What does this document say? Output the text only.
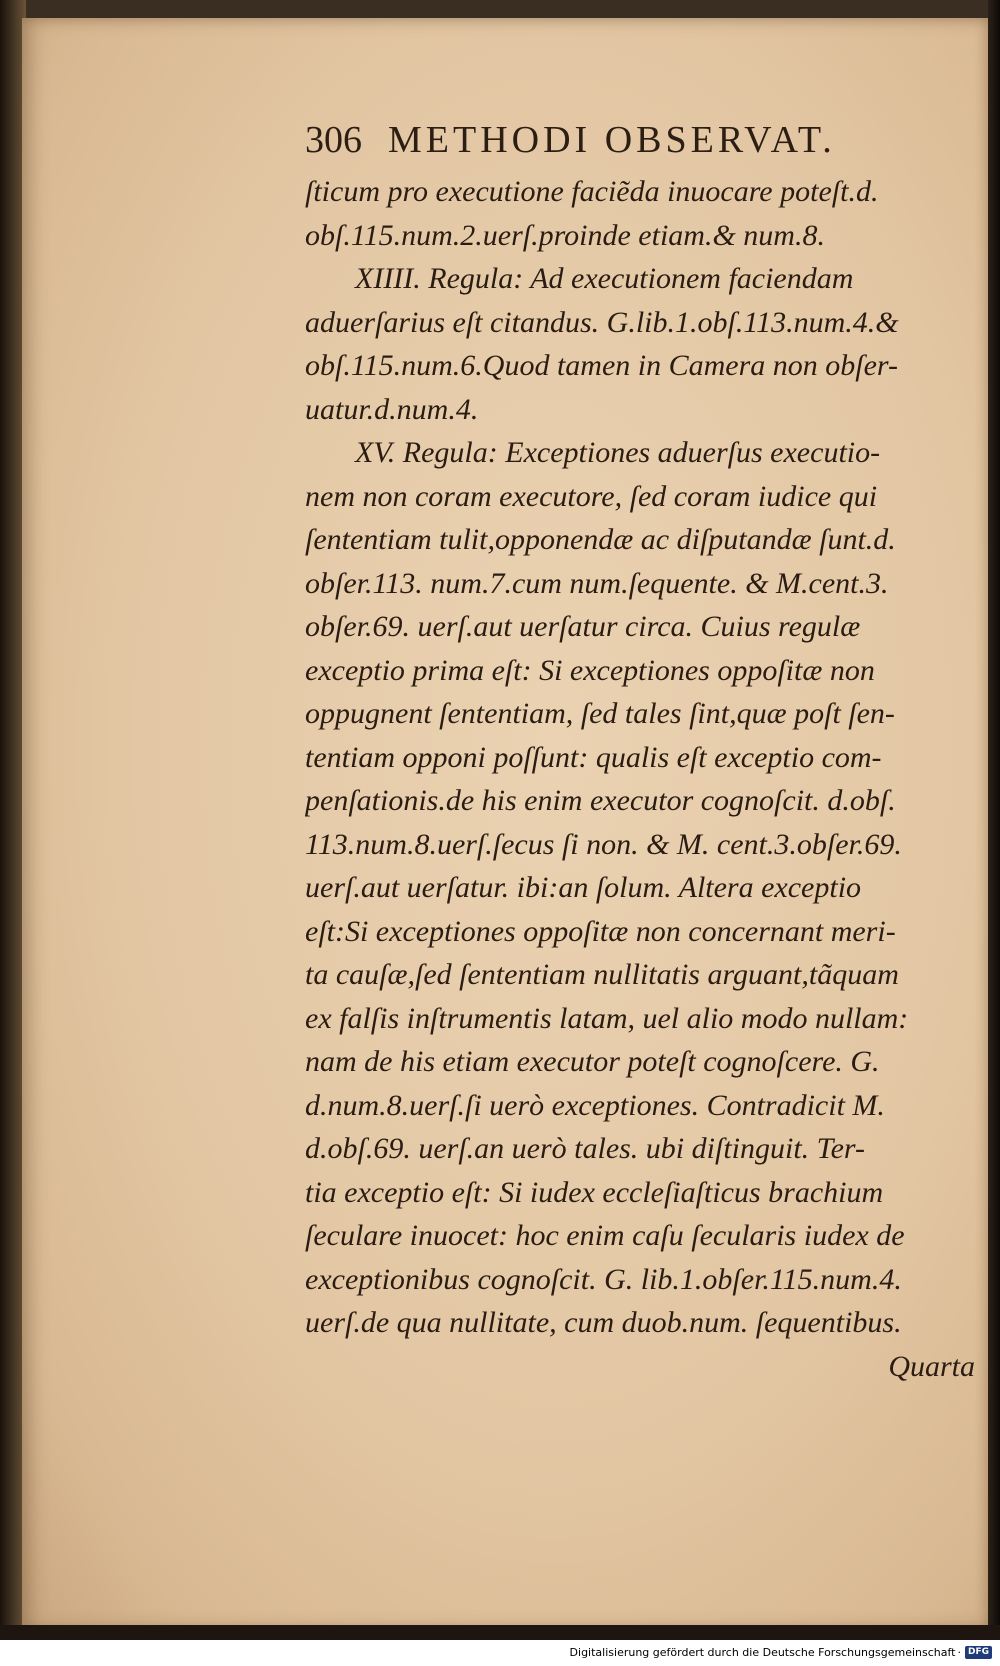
306 METHODI OBSERVAT.
ſticum pro executione faciẽda inuocare poteſt.d.
obſ.115.num.2.uerſ.proinde etiam.& num.8.
XIIII. Regula: Ad executionem faciendam
aduerſarius eſt citandus. G.lib.1.obſ.113.num.4.&
obſ.115.num.6.Quod tamen in Camera non obſer-
uatur.d.num.4.
XV. Regula: Exceptiones aduerſus executio-
nem non coram executore, ſed coram iudice qui
ſententiam tulit,opponendæ ac diſputandæ ſunt.d.
obſer.113. num.7.cum num.ſequente. & M.cent.3.
obſer.69. uerſ.aut uerſatur circa. Cuius regulæ
exceptio prima eſt: Si exceptiones oppoſitæ non
oppugnent ſententiam, ſed tales ſint,quæ poſt ſen-
tentiam opponi poſſunt: qualis eſt exceptio com-
penſationis.de his enim executor cognoſcit. d.obſ.
113.num.8.uerſ.ſecus ſi non. & M. cent.3.obſer.69.
uerſ.aut uerſatur. ibi:an ſolum. Altera exceptio
eſt:Si exceptiones oppoſitæ non concernant meri-
ta cauſæ,ſed ſententiam nullitatis arguant,tãquam
ex falſis inſtrumentis latam, uel alio modo nullam:
nam de his etiam executor poteſt cognoſcere. G.
d.num.8.uerſ.ſi uerò exceptiones. Contradicit M.
d.obſ.69. uerſ.an uerò tales. ubi diſtinguit. Ter-
tia exceptio eſt: Si iudex eccleſiaſticus brachium
ſeculare inuocet: hoc enim caſu ſecularis iudex de
exceptionibus cognoſcit. G. lib.1.obſer.115.num.4.
uerſ.de qua nullitate, cum duob.num. ſequentibus.
Quarta
Digitalisierung gefördert durch die Deutsche Forschungsgemeinschaft · DFG
